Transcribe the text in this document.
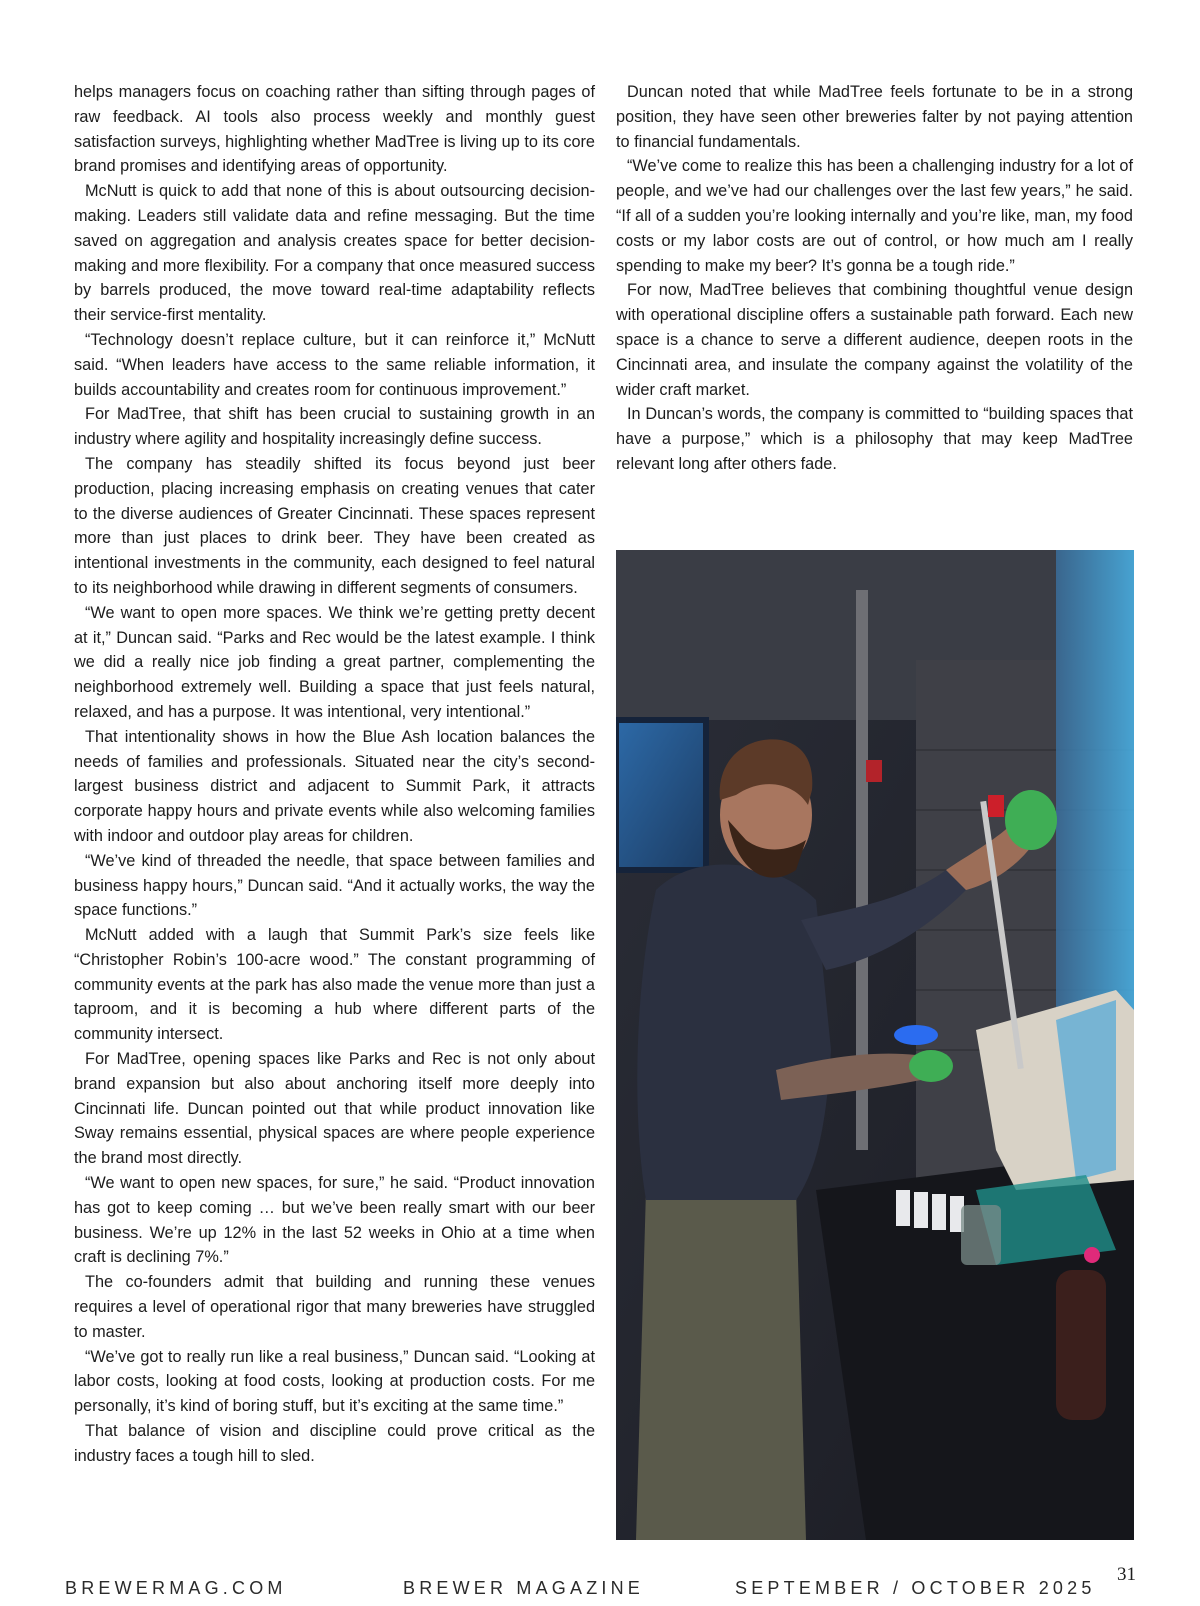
helps managers focus on coaching rather than sifting through pages of raw feedback. AI tools also process weekly and monthly guest satisfaction surveys, highlighting whether MadTree is living up to its core brand promises and identifying areas of opportunity.

McNutt is quick to add that none of this is about outsourcing decision-making. Leaders still validate data and refine messaging. But the time saved on aggregation and analysis creates space for better decision-making and more flexibility. For a company that once measured success by barrels produced, the move toward real-time adaptability reflects their service-first mentality.

“Technology doesn’t replace culture, but it can reinforce it,” McNutt said. “When leaders have access to the same reliable information, it builds accountability and creates room for continuous improvement.”

For MadTree, that shift has been crucial to sustaining growth in an industry where agility and hospitality increasingly define success.

The company has steadily shifted its focus beyond just beer production, placing increasing emphasis on creating venues that cater to the diverse audiences of Greater Cincinnati. These spaces represent more than just places to drink beer. They have been created as intentional investments in the community, each designed to feel natural to its neighborhood while drawing in different segments of consumers.

“We want to open more spaces. We think we’re getting pretty decent at it,” Duncan said. “Parks and Rec would be the latest example. I think we did a really nice job finding a great partner, complementing the neighborhood extremely well. Building a space that just feels natural, relaxed, and has a purpose. It was intentional, very intentional.”

That intentionality shows in how the Blue Ash location balances the needs of families and professionals. Situated near the city’s second-largest business district and adjacent to Summit Park, it attracts corporate happy hours and private events while also welcoming families with indoor and outdoor play areas for children.

“We’ve kind of threaded the needle, that space between families and business happy hours,” Duncan said. “And it actually works, the way the space functions.”

McNutt added with a laugh that Summit Park’s size feels like “Christopher Robin’s 100-acre wood.” The constant programming of community events at the park has also made the venue more than just a taproom, and it is becoming a hub where different parts of the community intersect.

For MadTree, opening spaces like Parks and Rec is not only about brand expansion but also about anchoring itself more deeply into Cincinnati life. Duncan pointed out that while product innovation like Sway remains essential, physical spaces are where people experience the brand most directly.

“We want to open new spaces, for sure,” he said. “Product innovation has got to keep coming … but we’ve been really smart with our beer business. We’re up 12% in the last 52 weeks in Ohio at a time when craft is declining 7%.”

The co-founders admit that building and running these venues requires a level of operational rigor that many breweries have struggled to master.

“We’ve got to really run like a real business,” Duncan said. “Looking at labor costs, looking at food costs, looking at production costs. For me personally, it’s kind of boring stuff, but it’s exciting at the same time.”

That balance of vision and discipline could prove critical as the industry faces a tough hill to sled.

Duncan noted that while MadTree feels fortunate to be in a strong position, they have seen other breweries falter by not paying attention to financial fundamentals.

“We’ve come to realize this has been a challenging industry for a lot of people, and we’ve had our challenges over the last few years,” he said. “If all of a sudden you’re looking internally and you’re like, man, my food costs or my labor costs are out of control, or how much am I really spending to make my beer? It’s gonna be a tough ride.”

For now, MadTree believes that combining thoughtful venue design with operational discipline offers a sustainable path forward. Each new space is a chance to serve a different audience, deepen roots in the Cincinnati area, and insulate the company against the volatility of the wider craft market.

In Duncan’s words, the company is committed to “building spaces that have a purpose,” which is a philosophy that may keep MadTree relevant long after others fade.

BREWERMAG.COM	BREWER MAGAZINE	SEPTEMBER / OCTOBER 2025
31
